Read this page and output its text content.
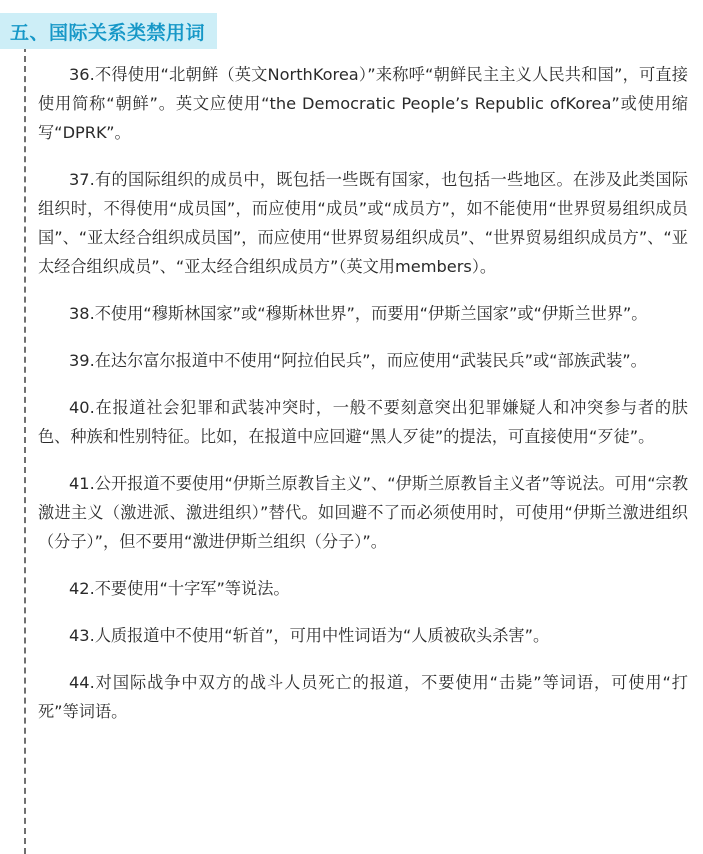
五、国际关系类禁用词

36.不得使用“北朝鲜（英文NorthKorea）”来称呼“朝鲜民主主义人民共和国”，可直接使用简称“朝鲜”。英文应使用“the Democratic People’s Republic ofKorea”或使用缩写“DPRK”。

37.有的国际组织的成员中，既包括一些既有国家，也包括一些地区。在涉及此类国际组织时，不得使用“成员国”，而应使用“成员”或“成员方”，如不能使用“世界贸易组织成员国”、“亚太经合组织成员国”，而应使用“世界贸易组织成员”、“世界贸易组织成员方”、“亚太经合组织成员”、“亚太经合组织成员方”（英文用members）。

38.不使用“穆斯林国家”或“穆斯林世界”，而要用“伊斯兰国家”或“伊斯兰世界”。

39.在达尔富尔报道中不使用“阿拉伯民兵”，而应使用“武装民兵”或“部族武装”。

40.在报道社会犯罪和武装冲突时，一般不要刻意突出犯罪嫌疑人和冲突参与者的肤色、种族和性别特征。比如，在报道中应回避“黑人歹徒”的提法，可直接使用“歹徒”。

41.公开报道不要使用“伊斯兰原教旨主义”、“伊斯兰原教旨主义者”等说法。可用“宗教激进主义（激进派、激进组织）”替代。如回避不了而必须使用时，可使用“伊斯兰激进组织（分子）”，但不要用“激进伊斯兰组织（分子）”。

42.不要使用“十字军”等说法。

43.人质报道中不使用“斩首”，可用中性词语为“人质被砍头杀害”。

44.对国际战争中双方的战斗人员死亡的报道，不要使用“击毙”等词语，可使用“打死”等词语。
